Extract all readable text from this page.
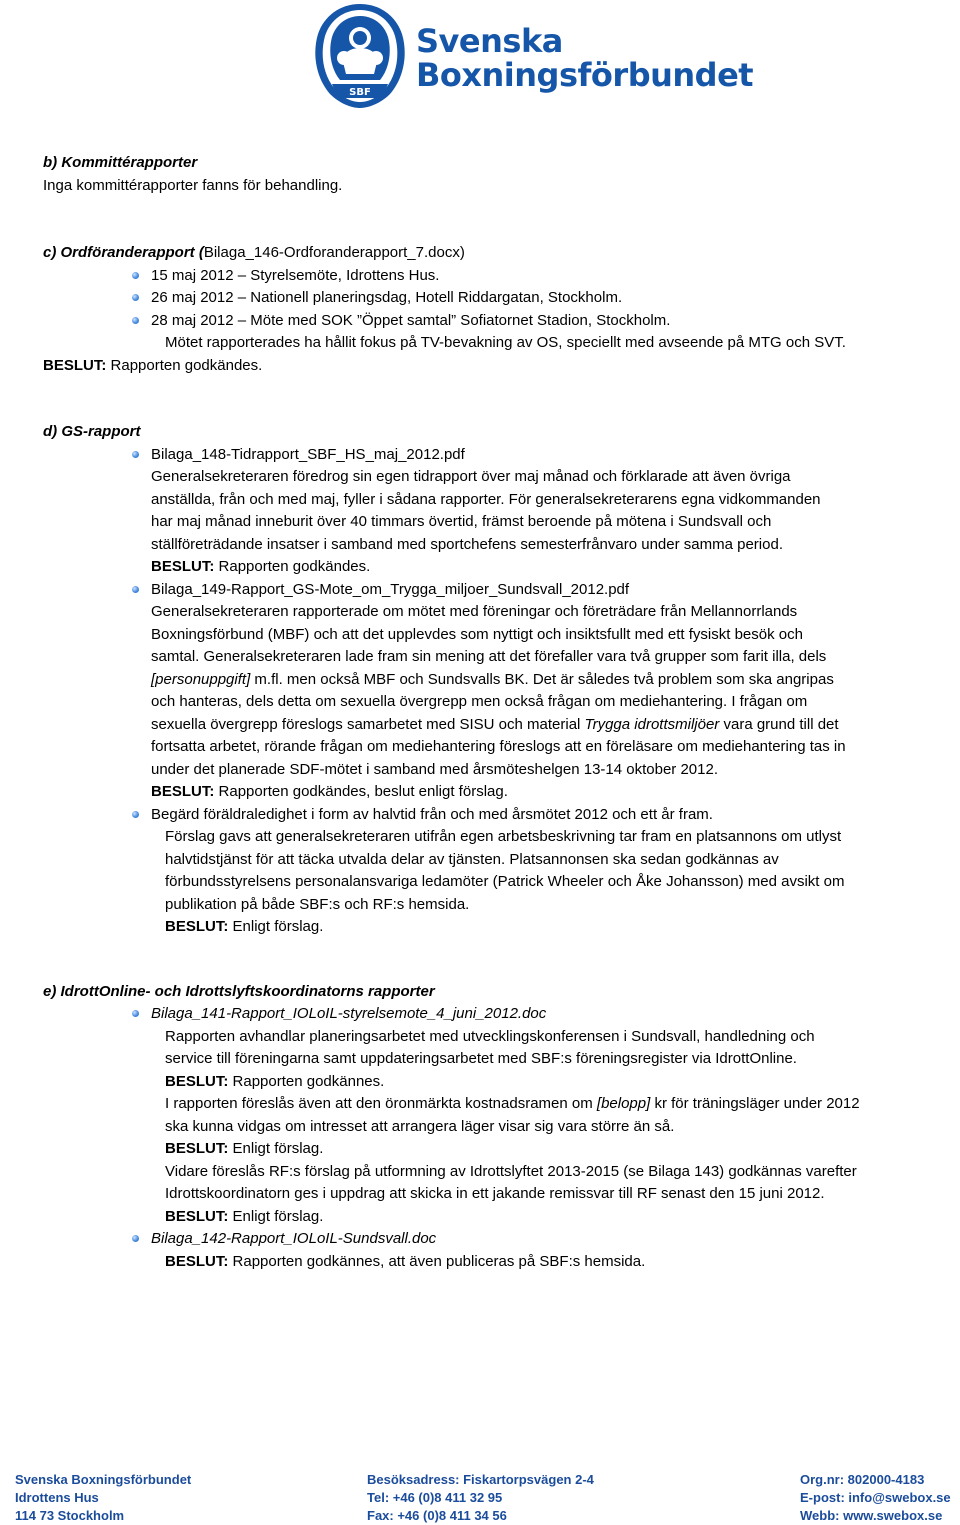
SBF
Svenska
Boxningsförbundet
b) Kommittérapporter
Inga kommittérapporter fanns för behandling.
c) Ordföranderapport (Bilaga_146-Ordforanderapport_7.docx)
15 maj 2012 – Styrelsemöte, Idrottens Hus.
26 maj 2012 – Nationell planeringsdag, Hotell Riddargatan, Stockholm.
28 maj 2012 – Möte med SOK ”Öppet samtal” Sofiatornet Stadion, Stockholm.
Mötet rapporterades ha hållit fokus på TV-bevakning av OS, speciellt med avseende på MTG och SVT.
BESLUT: Rapporten godkändes.
d) GS-rapport
Bilaga_148-Tidrapport_SBF_HS_maj_2012.pdf
Generalsekreteraren föredrog sin egen tidrapport över maj månad och förklarade att även övriga
anställda, från och med maj, fyller i sådana rapporter. För generalsekreterarens egna vidkommanden
har maj månad inneburit över 40 timmars övertid, främst beroende på mötena i Sundsvall och
ställföreträdande insatser i samband med sportchefens semesterfrånvaro under samma period.
BESLUT: Rapporten godkändes.
Bilaga_149-Rapport_GS-Mote_om_Trygga_miljoer_Sundsvall_2012.pdf
Generalsekreteraren rapporterade om mötet med föreningar och företrädare från Mellannorrlands
Boxningsförbund (MBF) och att det upplevdes som nyttigt och insiktsfullt med ett fysiskt besök och
samtal. Generalsekreteraren lade fram sin mening att det förefaller vara två grupper som farit illa, dels
[personuppgift] m.fl. men också MBF och Sundsvalls BK. Det är således två problem som ska angripas
och hanteras, dels detta om sexuella övergrepp men också frågan om mediehantering. I frågan om
sexuella övergrepp föreslogs samarbetet med SISU och material Trygga idrottsmiljöer vara grund till det
fortsatta arbetet, rörande frågan om mediehantering föreslogs att en föreläsare om mediehantering tas in
under det planerade SDF-mötet i samband med årsmöteshelgen 13-14 oktober 2012.
BESLUT: Rapporten godkändes, beslut enligt förslag.
Begärd föräldraledighet i form av halvtid från och med årsmötet 2012 och ett år fram.
Förslag gavs att generalsekreteraren utifrån egen arbetsbeskrivning tar fram en platsannons om utlyst
halvtidstjänst för att täcka utvalda delar av tjänsten. Platsannonsen ska sedan godkännas av
förbundsstyrelsens personalansvariga ledamöter (Patrick Wheeler och Åke Johansson) med avsikt om
publikation på både SBF:s och RF:s hemsida.
BESLUT: Enligt förslag.
e) IdrottOnline- och Idrottslyftskoordinatorns rapporter
Bilaga_141-Rapport_IOLoIL-styrelsemote_4_juni_2012.doc
Rapporten avhandlar planeringsarbetet med utvecklingskonferensen i Sundsvall, handledning och
service till föreningarna samt uppdateringsarbetet med SBF:s föreningsregister via IdrottOnline.
BESLUT: Rapporten godkännes.
I rapporten föreslås även att den öronmärkta kostnadsramen om [belopp] kr för träningsläger under 2012
ska kunna vidgas om intresset att arrangera läger visar sig vara större än så.
BESLUT: Enligt förslag.
Vidare föreslås RF:s förslag på utformning av Idrottslyftet 2013-2015 (se Bilaga 143) godkännas varefter
Idrottskoordinatorn ges i uppdrag att skicka in ett jakande remissvar till RF senast den 15 juni 2012.
BESLUT: Enligt förslag.
Bilaga_142-Rapport_IOLoIL-Sundsvall.doc
BESLUT: Rapporten godkännes, att även publiceras på SBF:s hemsida.
Svenska Boxningsförbundet
Idrottens Hus
114 73 Stockholm
Besöksadress: Fiskartorpsvägen 2-4
Tel: +46 (0)8 411 32 95
Fax: +46 (0)8 411 34 56
Org.nr: 802000-4183
E-post: info@swebox.se
Webb: www.swebox.se
